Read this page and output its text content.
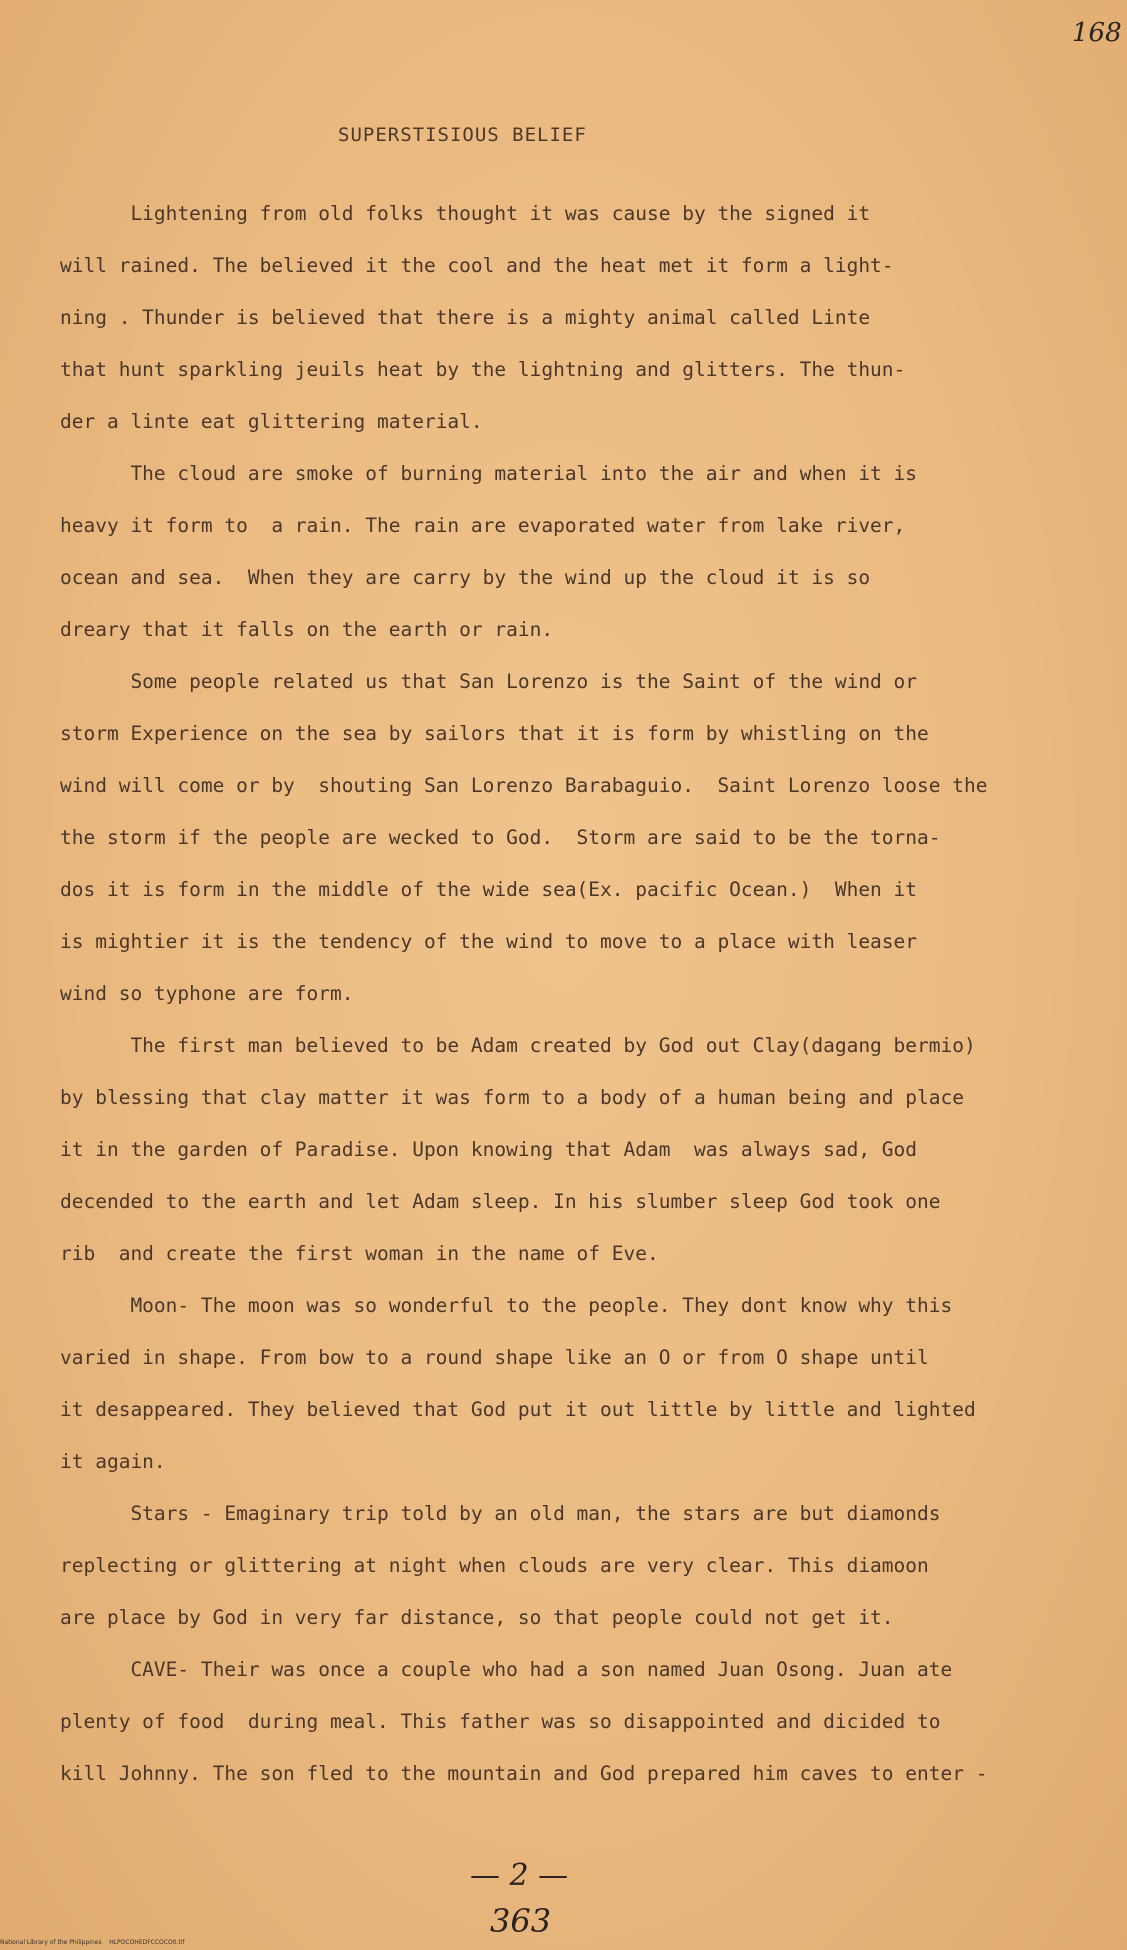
168
SUPERSTISIOUS BELIEF
Lightening from old folks thought it was cause by the signed it
will rained. The believed it the cool and the heat met it form a light-
ning . Thunder is believed that there is a mighty animal called Linte
that hunt sparkling jeuils heat by the lightning and glitters. The thun-
der a linte eat glittering material.
The cloud are smoke of burning material into the air and when it is
heavy it form to  a rain. The rain are evaporated water from lake river,
ocean and sea.  When they are carry by the wind up the cloud it is so
dreary that it falls on the earth or rain.
Some people related us that San Lorenzo is the Saint of the wind or
storm Experience on the sea by sailors that it is form by whistling on the
wind will come or by  shouting San Lorenzo Barabaguio.  Saint Lorenzo loose the
the storm if the people are wecked to God.  Storm are said to be the torna-
dos it is form in the middle of the wide sea(Ex. pacific Ocean.)  When it
is mightier it is the tendency of the wind to move to a place with leaser
wind so typhone are form.
The first man believed to be Adam created by God out Clay(dagang bermio)
by blessing that clay matter it was form to a body of a human being and place
it in the garden of Paradise. Upon knowing that Adam  was always sad, God
decended to the earth and let Adam sleep. In his slumber sleep God took one
rib  and create the first woman in the name of Eve.
Moon- The moon was so wonderful to the people. They dont know why this
varied in shape. From bow to a round shape like an O or from O shape until
it desappeared. They believed that God put it out little by little and lighted
it again.
Stars - Emaginary trip told by an old man, the stars are but diamonds
replecting or glittering at night when clouds are very clear. This diamoon
are place by God in very far distance, so that people could not get it.
CAVE- Their was once a couple who had a son named Juan Osong. Juan ate
plenty of food  during meal. This father was so disappointed and dicided to
kill Johnny. The son fled to the mountain and God prepared him caves to enter -
— 2 —
363
National Library of the Philippines    HLPOCOHEDFCCOCO0.tif
